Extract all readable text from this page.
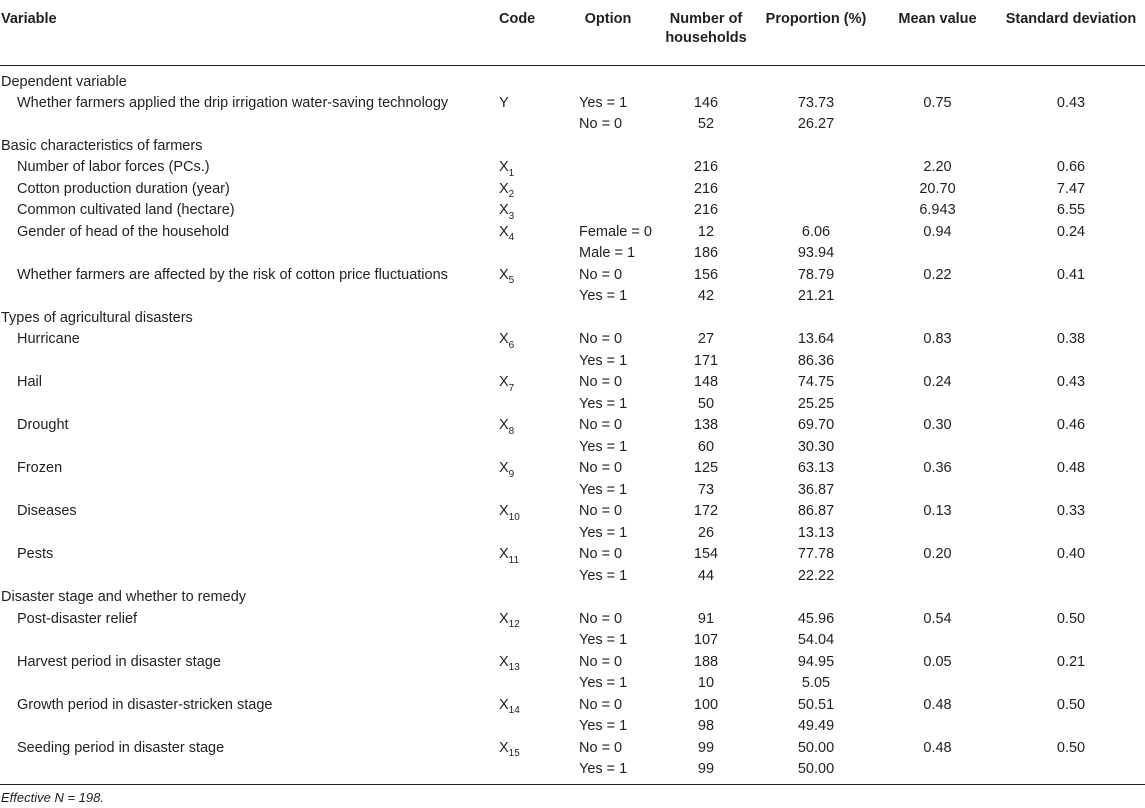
Variable	Code	Option	Number of
households	Proportion (%)	Mean value	Standard deviation
Dependent variable						
Whether farmers applied the drip irrigation water-saving technology	Y	Yes = 1	146	73.73	0.75	0.43
		No = 0	52	26.27		
Basic characteristics of farmers						
Number of labor forces (PCs.)	$X_1$		216		2.20	0.66
Cotton production duration (year)	$X_2$		216		20.70	7.47
Common cultivated land (hectare)	$X_3$		216		6.943	6.55
Gender of head of the household	$X_4$	Female = 0	12	6.06	0.94	0.24
		Male = 1	186	93.94		
Whether farmers are affected by the risk of cotton price fluctuations	$X_5$	No = 0	156	78.79	0.22	0.41
		Yes = 1	42	21.21		
Types of agricultural disasters						
Hurricane	$X_6$	No = 0	27	13.64	0.83	0.38
		Yes = 1	171	86.36		
Hail	$X_7$	No = 0	148	74.75	0.24	0.43
		Yes = 1	50	25.25		
Drought	$X_8$	No = 0	138	69.70	0.30	0.46
		Yes = 1	60	30.30		
Frozen	$X_9$	No = 0	125	63.13	0.36	0.48
		Yes = 1	73	36.87		
Diseases	$X_{10}$	No = 0	172	86.87	0.13	0.33
		Yes = 1	26	13.13		
Pests	$X_{11}$	No = 0	154	77.78	0.20	0.40
		Yes = 1	44	22.22		
Disaster stage and whether to remedy						
Post-disaster relief	$X_{12}$	No = 0	91	45.96	0.54	0.50
		Yes = 1	107	54.04		
Harvest period in disaster stage	$X_{13}$	No = 0	188	94.95	0.05	0.21
		Yes = 1	10	5.05		
Growth period in disaster-stricken stage	$X_{14}$	No = 0	100	50.51	0.48	0.50
		Yes = 1	98	49.49		
Seeding period in disaster stage	$X_{15}$	No = 0	99	50.00	0.48	0.50
		Yes = 1	99	50.00		
Effective N = 198.
